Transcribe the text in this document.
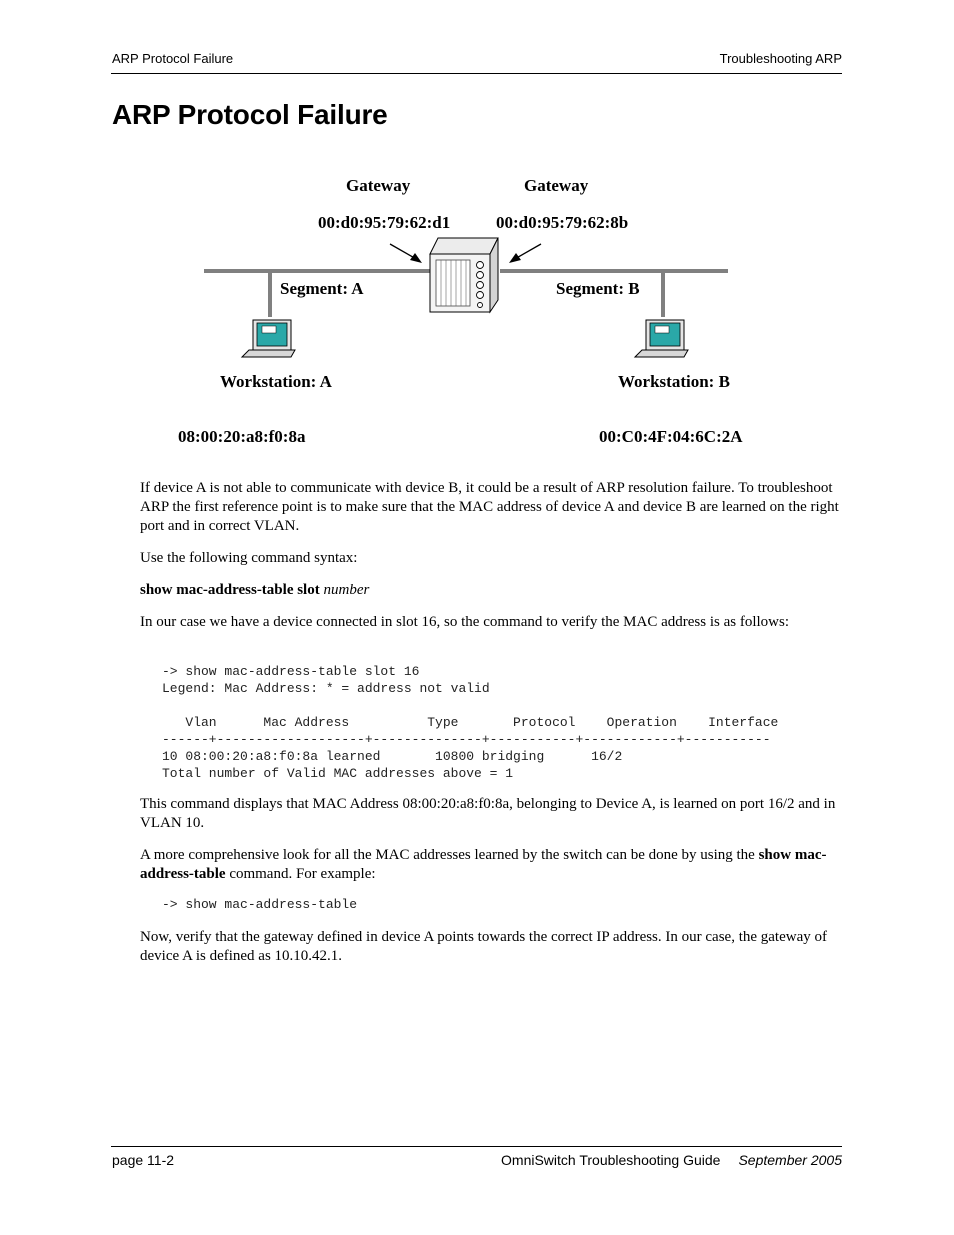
ARP Protocol Failure	Troubleshooting ARP
ARP Protocol Failure
Gateway
00:d0:95:79:62:d1
Gateway
00:d0:95:79:62:8b
Segment: A	Segment: B
Workstation: A	Workstation: B
08:00:20:a8:f0:8a	00:C0:4F:04:6C:2A

If device A is not able to communicate with device B, it could be a result of ARP resolution failure. To troubleshoot ARP the first reference point is to make sure that the MAC address of device A and device B are learned on the right port and in correct VLAN.

Use the following command syntax:

show mac-address-table slot number

In our case we have a device connected in slot 16, so the command to verify the MAC address is as follows:

-> show mac-address-table slot 16
Legend: Mac Address: * = address not valid

Vlan      Mac Address          Type       Protocol    Operation    Interface
------+-------------------+--------------+-----------+------------+-----------
10 08:00:20:a8:f0:8a learned       10800 bridging      16/2
Total number of Valid MAC addresses above = 1

This command displays that MAC Address 08:00:20:a8:f0:8a, belonging to Device A, is learned on port 16/2 and in VLAN 10.

A more comprehensive look for all the MAC addresses learned by the switch can be done by using the show mac-address-table command. For example:

-> show mac-address-table

Now, verify that the gateway defined in device A points towards the correct IP address. In our case, the gateway of device A is defined as 10.10.42.1.

page 11-2	OmniSwitch Troubleshooting Guide September 2005
